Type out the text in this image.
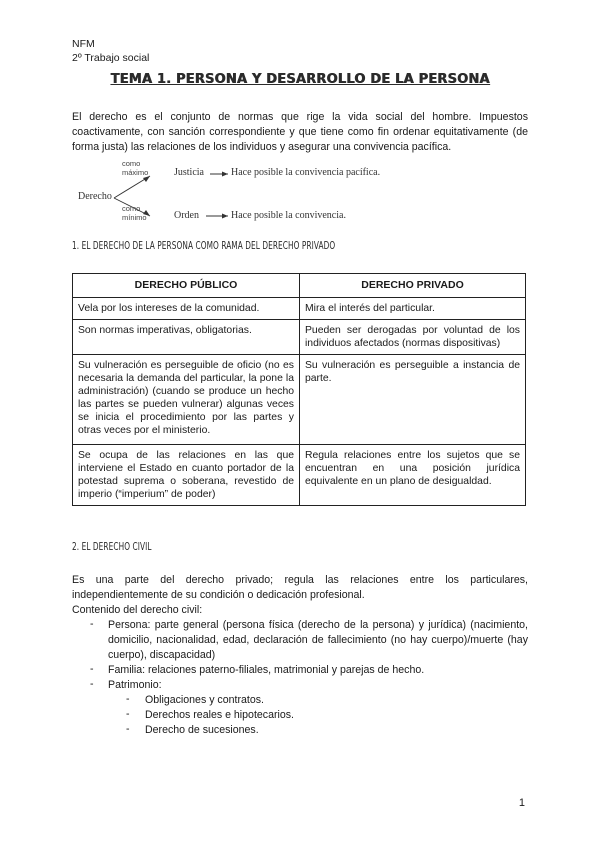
NFM
2º Trabajo social
TEMA 1. PERSONA Y DESARROLLO DE LA PERSONA
El derecho es el conjunto de normas que rige la vida social del hombre. Impuestos coactivamente, con sanción correspondiente y que tiene como fin ordenar equitativamente (de forma justa) las relaciones de los individuos y asegurar una convivencia pacífica.
Derecho
como
máximo	Justicia	Hace posible la convivencia pacífica.
como
mínimo	Orden	Hace posible la convivencia.
1. EL DERECHO DE LA PERSONA COMO RAMA DEL DERECHO PRIVADO
DERECHO PÚBLICO	DERECHO PRIVADO
Vela por los intereses de la comunidad.	Mira el interés del particular.
Son normas imperativas, obligatorias.	Pueden ser derogadas por voluntad de los individuos afectados (normas dispositivas)
Su vulneración es perseguible de oficio (no es necesaria la demanda del particular, la pone la administración) (cuando se produce un hecho las partes se pueden vulnerar) algunas veces se inicia el procedimiento por las partes y otras veces por el ministerio.	Su vulneración es perseguible a instancia de parte.
Se ocupa de las relaciones en las que interviene el Estado en cuanto portador de la potestad suprema o soberana, revestido de imperio (“imperium” de poder)	Regula relaciones entre los sujetos que se encuentran en una posición jurídica equivalente en un plano de desigualdad.
2. EL DERECHO CIVIL
Es una parte del derecho privado; regula las relaciones entre los particulares, independientemente de su condición o dedicación profesional.
Contenido del derecho civil:
- Persona: parte general (persona física (derecho de la persona) y jurídica) (nacimiento, domicilio, nacionalidad, edad, declaración de fallecimiento (no hay cuerpo)/muerte (hay cuerpo), discapacidad)
- Familia: relaciones paterno-filiales, matrimonial y parejas de hecho.
- Patrimonio:
- Obligaciones y contratos.
- Derechos reales e hipotecarios.
- Derecho de sucesiones.
1
